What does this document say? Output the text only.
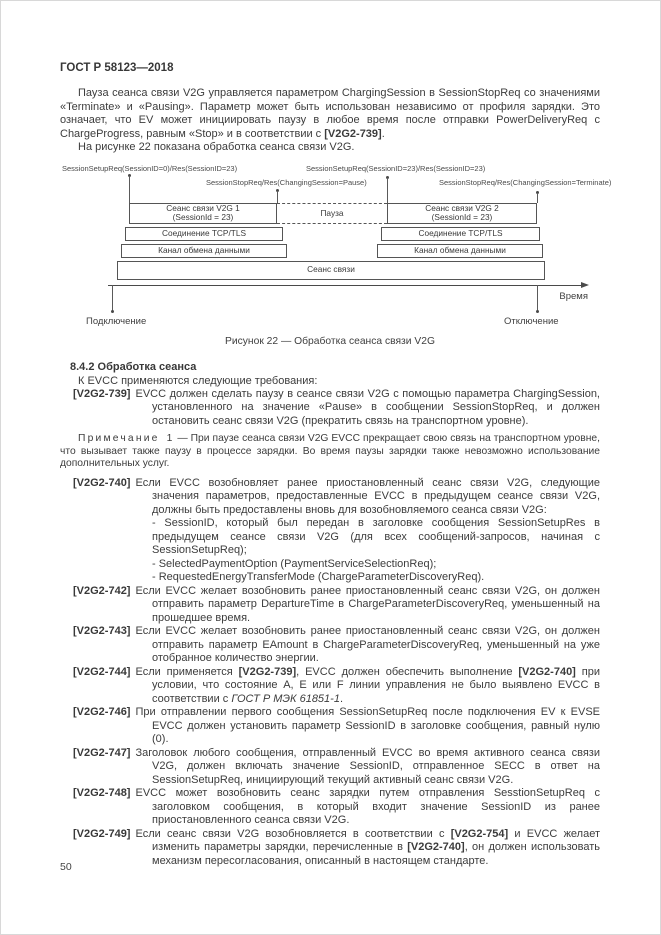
ГОСТ Р 58123—2018

Пауза сеанса связи V2G управляется параметром ChargingSession в SessionStopReq со значениями «Terminate» и «Pausing». Параметр может быть использован независимо от профиля зарядки. Это означает, что EV может инициировать паузу в любое время после отправки PowerDeliveryReq с ChargeProgress, равным «Stop» и в соответствии с [V2G2-739].

На рисунке 22 показана обработка сеанса связи V2G.

SessionSetupReq(SessionID=0)/Res(SessionID=23)	SessionSetupReq(SessionID=23)/Res(SessionID=23)
SessionStopReq/Res(ChangingSession=Pause)	SessionStopReq/Res(ChangingSession=Terminate)
Сеанс связи V2G 1
(SessionId = 23)	Пауза
Сеанс связи V2G 2
(SessionId = 23)
Соединение TCP/TLS	Соединение TCP/TLS
Канал обмена данными	Канал обмена данными
Сеанс связи
Время
Подключение	Отключение
Рисунок 22 — Обработка сеанса связи V2G
8.4.2 Обработка сеанса

К EVCC применяются следующие требования:

[V2G2-739] EVCC должен сделать паузу в сеансе связи V2G с помощью параметра ChargingSession, установленного на значение «Pause» в сообщении SessionStopReq, и должен остановить сеанс связи V2G (прекратить связь на транспортном уровне).
Примечание 1 — При паузе сеанса связи V2G EVCC прекращает свою связь на транспортном уровне, что вызывает также паузу в процессе зарядки. Во время паузы зарядки также невозможно использование дополнительных услуг.
[V2G2-740] Если EVCC возобновляет ранее приостановленный сеанс связи V2G, следующие значения параметров, предоставленные EVCC в предыдущем сеансе связи V2G, должны быть предоставлены вновь для возобновляемого сеанса связи V2G:
- SessionID, который был передан в заголовке сообщения SessionSetupRes в предыдущем сеансе связи V2G (для всех сообщений-запросов, начиная с SessionSetupReq);
- SelectedPaymentOption (PaymentServiceSelectionReq);
- RequestedEnergyTransferMode (ChargeParameterDiscoveryReq).
[V2G2-742] Если EVCC желает возобновить ранее приостановленный сеанс связи V2G, он должен отправить параметр DepartureTime в ChargeParameterDiscoveryReq, уменьшенный на прошедшее время.
[V2G2-743] Если EVCC желает возобновить ранее приостановленный сеанс связи V2G, он должен отправить параметр EAmount в ChargeParameterDiscoveryReq, уменьшенный на уже отобранное количество энергии.
[V2G2-744] Если применяется [V2G2-739], EVCC должен обеспечить выполнение [V2G2-740] при условии, что состояние A, E или F линии управления не было выявлено EVCC в соответствии с ГОСТ Р МЭК 61851-1.
[V2G2-746] При отправлении первого сообщения SessionSetupReq после подключения EV к EVSE EVCC должен установить параметр SessionID в заголовке сообщения, равный нулю (0).
[V2G2-747] Заголовок любого сообщения, отправленный EVCC во время активного сеанса связи V2G, должен включать значение SessionID, отправленное SECC в ответ на SessionSetupReq, инициирующий текущий активный сеанс связи V2G.
[V2G2-748] EVCC может возобновить сеанс зарядки путем отправления SesstionSetupReq с заголовком сообщения, в который входит значение SessionID из ранее приостановленного сеанса связи V2G.
[V2G2-749] Если сеанс связи V2G возобновляется в соответствии с [V2G2-754] и EVCC желает изменить параметры зарядки, перечисленные в [V2G2-740], он должен использовать механизм пересогласования, описанный в настоящем стандарте.
50
